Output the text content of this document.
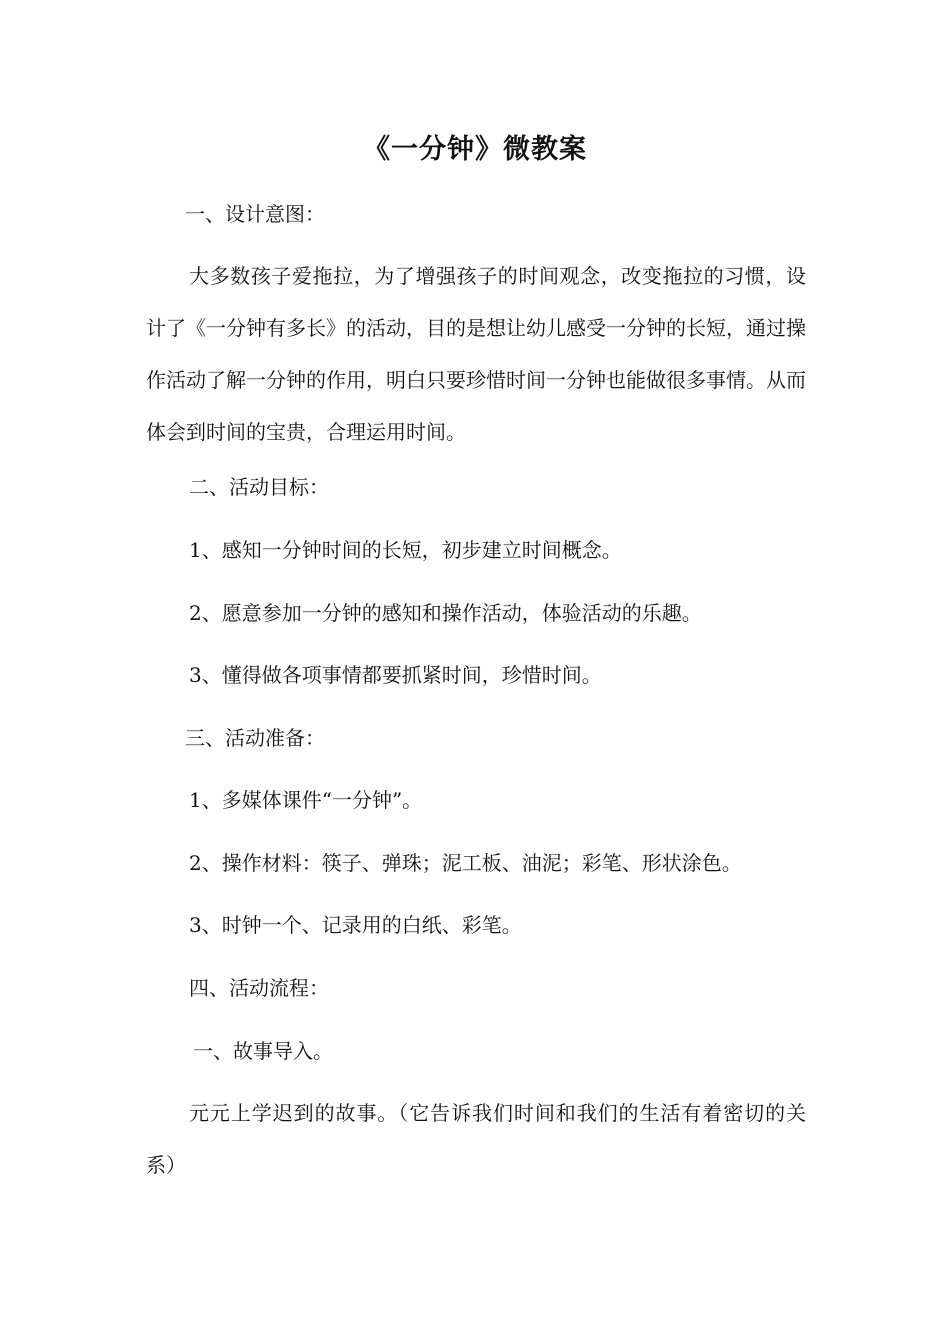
《一分钟》微教案
一、设计意图：
大多数孩子爱拖拉，为了增强孩子的时间观念，改变拖拉的习惯，设计了《一分钟有多长》的活动，目的是想让幼儿感受一分钟的长短，通过操作活动了解一分钟的作用，明白只要珍惜时间一分钟也能做很多事情。从而体会到时间的宝贵，合理运用时间。
二、活动目标：
1、感知一分钟时间的长短，初步建立时间概念。
2、愿意参加一分钟的感知和操作活动，体验活动的乐趣。
3、懂得做各项事情都要抓紧时间，珍惜时间。
三、活动准备：
1、多媒体课件“一分钟”。
2、操作材料：筷子、弹珠；泥工板、油泥；彩笔、形状涂色。
3、时钟一个、记录用的白纸、彩笔。
四、活动流程：
一、故事导入。
元元上学迟到的故事。（它告诉我们时间和我们的生活有着密切的关系）
